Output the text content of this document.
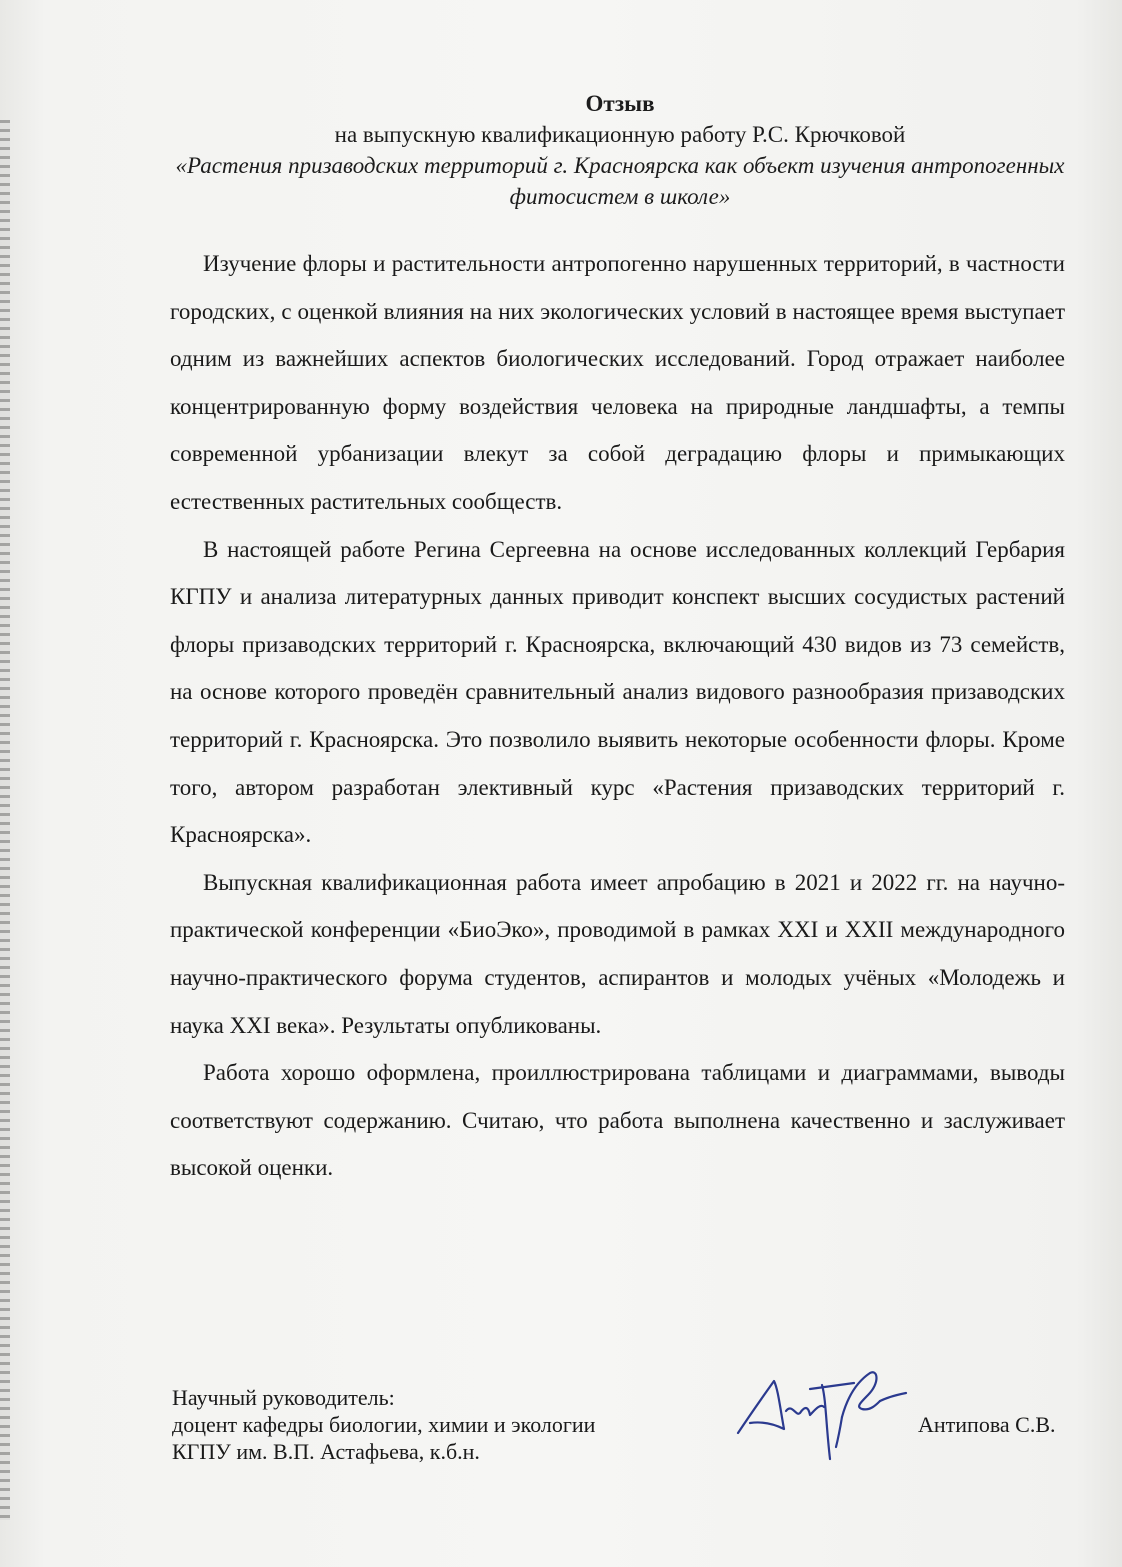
Отзыв
на выпускную квалификационную работу Р.С. Крючковой
«Растения призаводских территорий г. Красноярска как объект изучения антропогенных фитосистем в школе»

Изучение флоры и растительности антропогенно нарушенных территорий, в частности городских, с оценкой влияния на них экологических условий в настоящее время выступает одним из важнейших аспектов биологических исследований. Город отражает наиболее концентрированную форму воздействия человека на природные ландшафты, а темпы современной урбанизации влекут за собой деградацию флоры и примыкающих естественных растительных сообществ.

В настоящей работе Регина Сергеевна на основе исследованных коллекций Гербария КГПУ и анализа литературных данных приводит конспект высших сосудистых растений флоры призаводских территорий г. Красноярска, включающий 430 видов из 73 семейств, на основе которого проведён сравнительный анализ видового разнообразия призаводских территорий г. Красноярска. Это позволило выявить некоторые особенности флоры. Кроме того, автором разработан элективный курс «Растения призаводских территорий г. Красноярска».

Выпускная квалификационная работа имеет апробацию в 2021 и 2022 гг. на научно-практической конференции «БиоЭко», проводимой в рамках XXI и XXII международного научно-практического форума студентов, аспирантов и молодых учёных «Молодежь и наука XXI века». Результаты опубликованы.

Работа хорошо оформлена, проиллюстрирована таблицами и диаграммами, выводы соответствуют содержанию. Считаю, что работа выполнена качественно и заслуживает высокой оценки.

Научный руководитель:
доцент кафедры биологии, химии и экологии
КГПУ им. В.П. Астафьева, к.б.н.
Антипова С.В.
